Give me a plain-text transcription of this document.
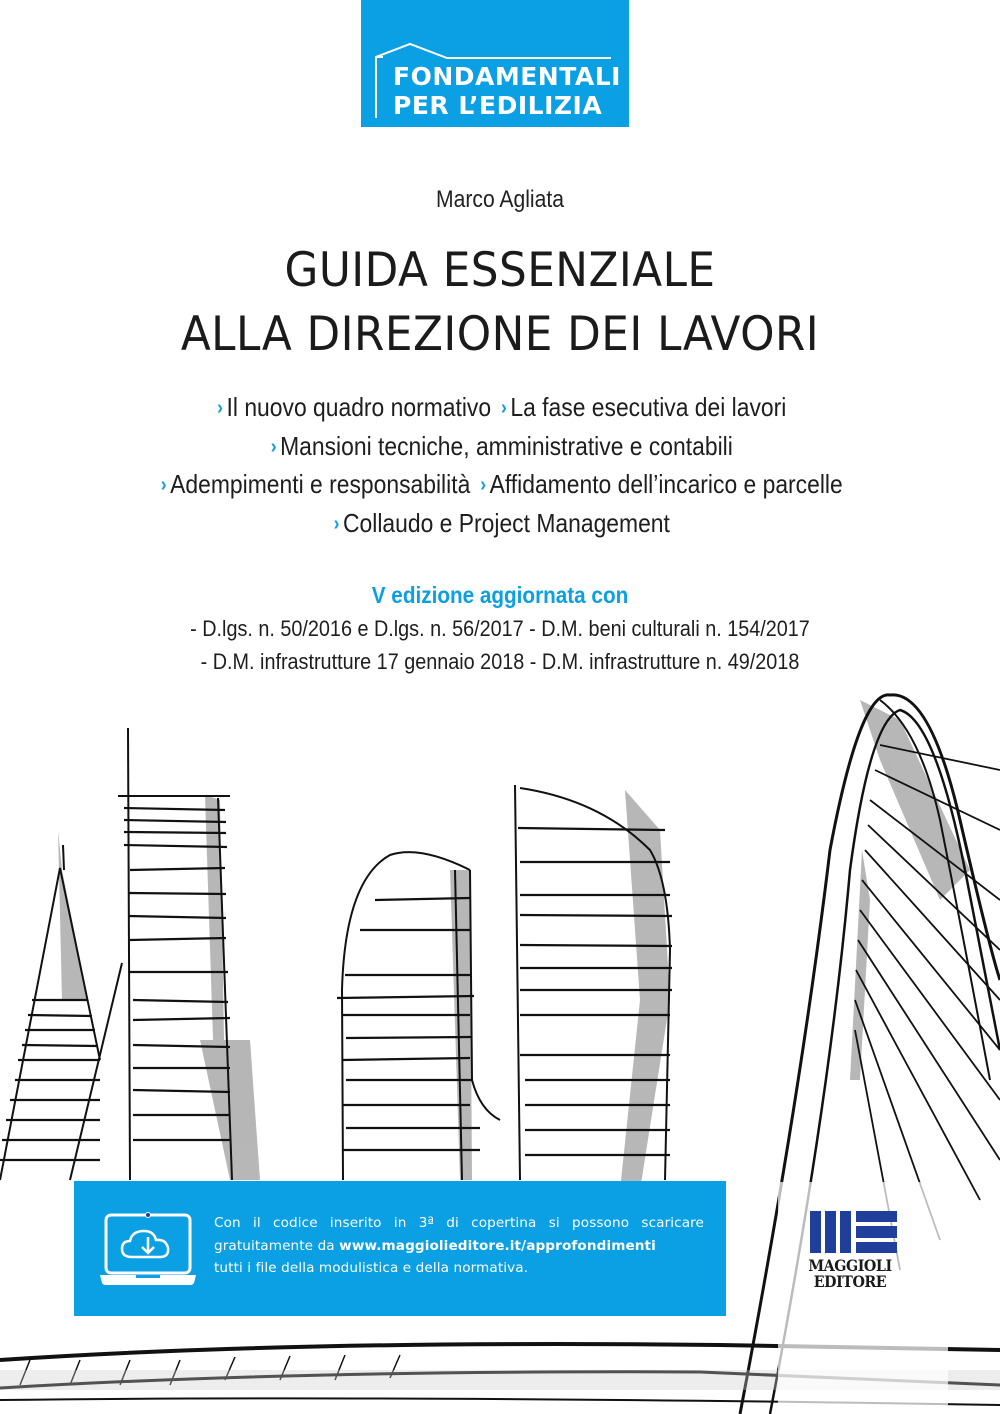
FONDAMENTALI
PER L’EDILIZIA
Marco Agliata
GUIDA ESSENZIALE
ALLA DIREZIONE DEI LAVORI
› Il nuovo quadro normativo › La fase esecutiva dei lavori
› Mansioni tecniche, amministrative e contabili
› Adempimenti e responsabilità › Affidamento dell’incarico e parcelle
› Collaudo e Project Management
V edizione aggiornata con
- D.lgs. n. 50/2016 e D.lgs. n. 56/2017 - D.M. beni culturali n. 154/2017
- D.M. infrastrutture 17 gennaio 2018 - D.M. infrastrutture n. 49/2018
MAGGIOLI
EDITORE
Con il codice inserito in 3ª di copertina si possono scaricare
gratuitamente da www.maggiolieditore.it/approfondimenti
tutti i file della modulistica e della normativa.
